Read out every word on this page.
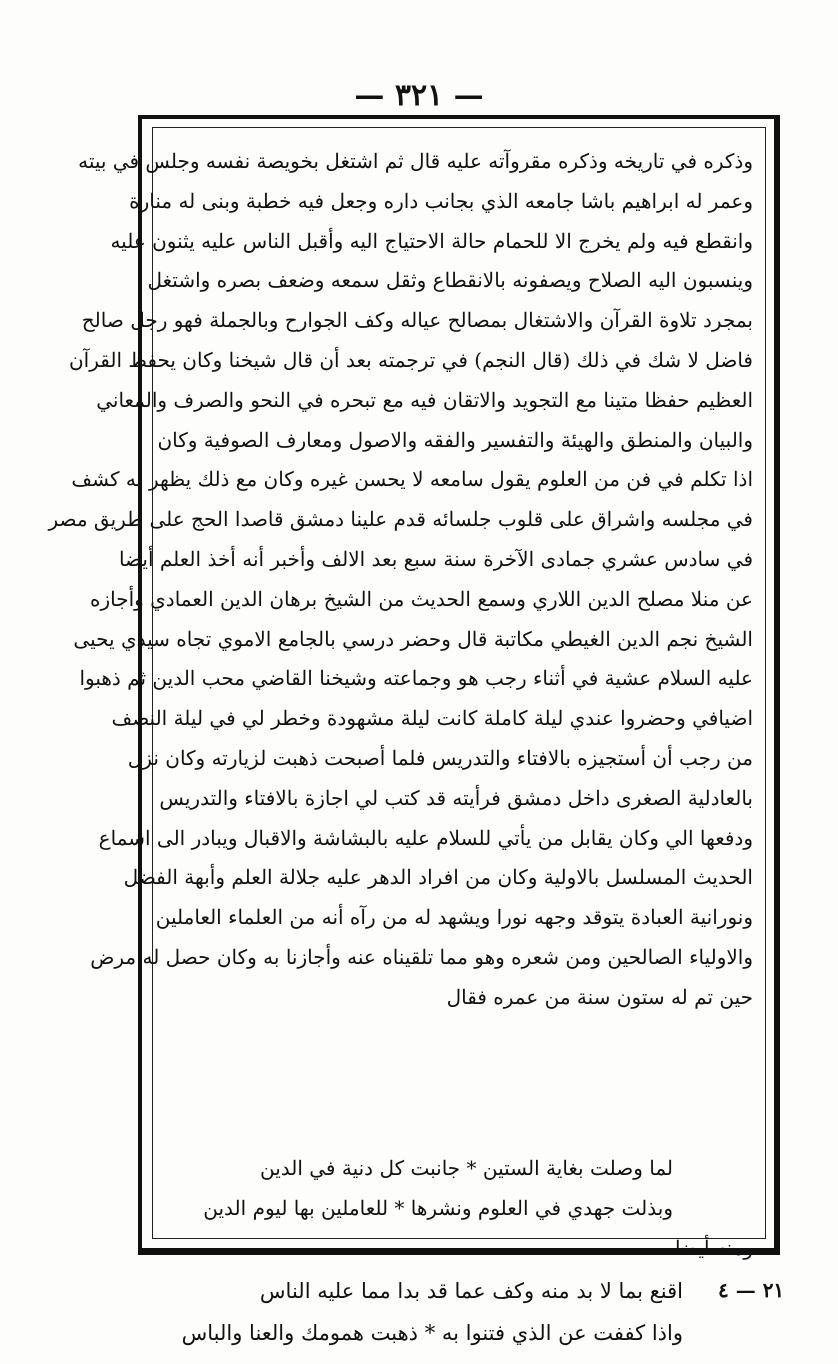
— ٣٢١ —
وذكره في تاريخه وذكره مقروآته عليه قال ثم اشتغل بخويصة نفسه وجلس في بيته
وعمر له ابراهيم باشا جامعه الذي بجانب داره وجعل فيه خطبة وبنى له منارة
وانقطع فيه ولم يخرج الا للحمام حالة الاحتياج اليه وأقبل الناس عليه يثنون عليه
وينسبون اليه الصلاح ويصفونه بالانقطاع وثقل سمعه وضعف بصره واشتغل
بمجرد تلاوة القرآن والاشتغال بمصالح عياله وكف الجوارح وبالجملة فهو رجل صالح
فاضل لا شك في ذلك (قال النجم) في ترجمته بعد أن قال شيخنا وكان يحفظ القرآن
العظيم حفظا متينا مع التجويد والاتقان فيه مع تبحره في النحو والصرف والمعاني
والبيان والمنطق والهيئة والتفسير والفقه والاصول ومعارف الصوفية وكان
اذا تكلم في فن من العلوم يقول سامعه لا يحسن غيره وكان مع ذلك يظهر له كشف
في مجلسه واشراق على قلوب جلسائه قدم علينا دمشق قاصدا الحج على طريق مصر
في سادس عشري جمادى الآخرة سنة سبع بعد الالف وأخبر أنه أخذ العلم أيضا
عن منلا مصلح الدين اللاري وسمع الحديث من الشيخ برهان الدين العمادي وأجازه
الشيخ نجم الدين الغيطي مكاتبة قال وحضر درسي بالجامع الاموي تجاه سيدي يحيى
عليه السلام عشية في أثناء رجب هو وجماعته وشيخنا القاضي محب الدين ثم ذهبوا
اضيافي وحضروا عندي ليلة كاملة كانت ليلة مشهودة وخطر لي في ليلة النصف
من رجب أن أستجيزه بالافتاء والتدريس فلما أصبحت ذهبت لزيارته وكان نزل
بالعادلية الصغرى داخل دمشق فرأيته قد كتب لي اجازة بالافتاء والتدريس
ودفعها الي وكان يقابل من يأتي للسلام عليه بالبشاشة والاقبال ويبادر الى اسماع
الحديث المسلسل بالاولية وكان من افراد الدهر عليه جلالة العلم وأبهة الفضل
ونورانية العبادة يتوقد وجهه نورا ويشهد له من رآه أنه من العلماء العاملين
والاولياء الصالحين ومن شعره وهو مما تلقيناه عنه وأجازنا به وكان حصل له مرض
حين تم له ستون سنة من عمره فقال
لما وصلت بغاية الستين * جانبت كل دنية في الدين
وبذلت جهدي في العلوم ونشرها * للعاملين بها ليوم الدين
ومنه أيضا
اقنع بما لا بد منه وكف عما قد بدا مما عليه الناس
واذا كففت عن الذي فتنوا به * ذهبت همومك والعنا والباس
٢١ — ٤
